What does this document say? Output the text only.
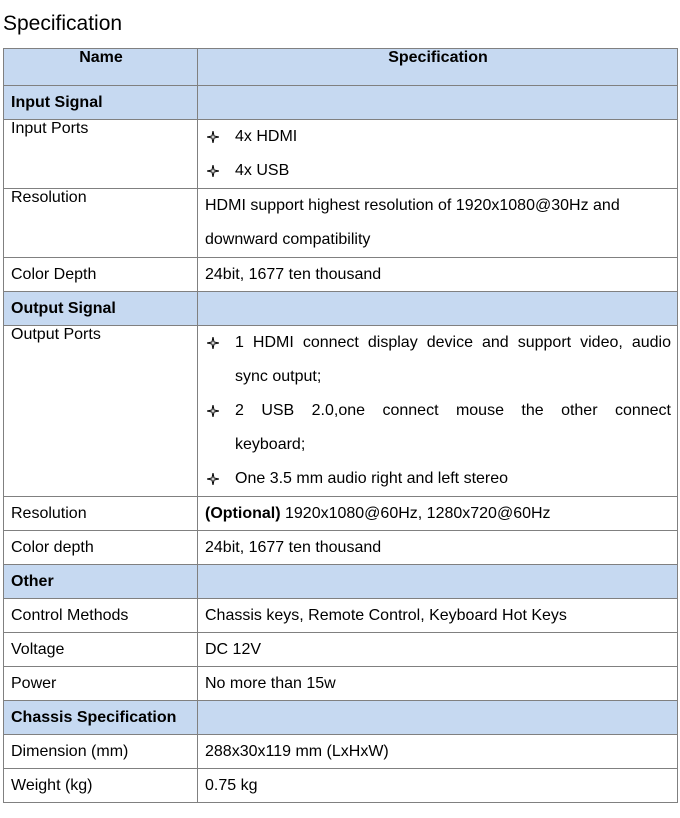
Specification
Name	Specification
Input Signal	
Input Ports	4x HDMI
4x USB

Resolution	HDMI support highest resolution of 1920x1080@30Hz and
downward compatibility

Color Depth	24bit, 1677 ten thousand
Output Signal	
Output Ports	1 HDMI connect display device and support video, audio
sync output;
2 USB 2.0,one connect mouse the other connect
keyboard;
One 3.5 mm audio right and left stereo

Resolution	(Optional) 1920x1080@60Hz, 1280x720@60Hz
Color depth	24bit, 1677 ten thousand
Other	
Control Methods	Chassis keys, Remote Control, Keyboard Hot Keys
Voltage	DC 12V
Power	No more than 15w
Chassis Specification	
Dimension (mm)	288x30x119 mm (LxHxW)
Weight (kg)	0.75 kg
